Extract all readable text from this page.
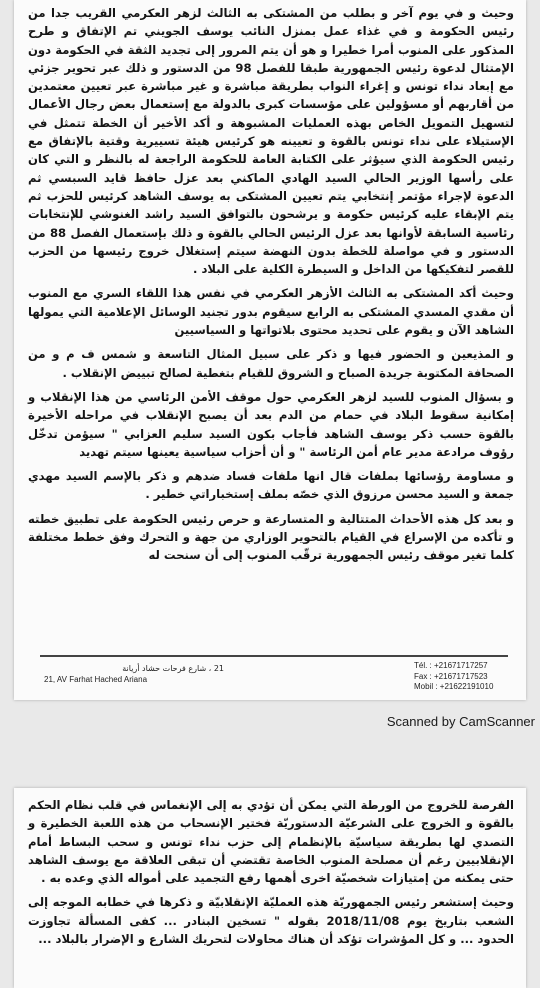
وحيث و في يوم آخر و بطلب من المشتكى به الثالث لزهر العكرمي القريب جدا من رئيس الحكومة و في غذاء عمل بمنزل النائب يوسف الجويني تم الإتفاق و طرح المذكور على المنوب أمرا خطيرا و هو أن يتم المرور إلى تجديد الثقة في الحكومة دون الإمتثال لدعوة رئيس الجمهورية طبقا للفصل 98 من الدستور و ذلك عبر تحوير جزئي مع إبعاد نداء تونس و إغراء النواب بطريقة مباشرة و غير مباشرة عبر تعيين معتمدين من أقاربهم أو مسؤولين على مؤسسات كبرى بالدولة مع إستعمال بعض رجال الأعمال لتسهيل التمويل الخاص بهذه العمليات المشبوهة و أكد الأخير أن الخطة تتمثل في الإستيلاء على نداء تونس بالقوة و تعيينه هو كرئيس هيئة تسييرية وقتية بالإتفاق مع رئيس الحكومة الذي سيؤثر على الكتابة العامة للحكومة الراجعة له بالنظر و التي كان على رأسها الوزير الحالي السيد الهادي الماكني بعد عزل حافظ قايد السبسي ثم الدعوة لإجراء مؤتمر إنتخابي يتم تعيين المشتكى به يوسف الشاهد كرئيس للحزب ثم يتم الإبقاء عليه كرئيس حكومة و يرشحون بالتوافق السيد راشد الغنوشي للإنتخابات رئاسية السابقة لأوانها بعد عزل الرئيس الحالي بالقوة و ذلك بإستعمال الفصل 88 من الدستور و في مواصلة للخطة بدون النهضة سيتم إستغلال خروج رئيسها من الحزب للقصر لتفكيكها من الداخل و السيطرة الكلية على البلاد .

وحيث أكد المشتكى به الثالث الأزهر العكرمي في نفس هذا اللقاء السري مع المنوب أن مقدي المسدي المشتكى به الرابع سيقوم بدور تجنيد الوسائل الإعلامية التي يمولها الشاهد الآن و يقوم على تحديد محتوى بلاتواتها و السياسيين

و المذيعين و الحضور فيها و ذكر على سبيل المثال التاسعة و شمس ف م و من الصحافة المكتوبة جريدة الصباح و الشروق للقيام بتغطية لصالح تبييض الإنقلاب .

و بسؤال المنوب للسيد لزهر العكرمي حول موقف الأمن الرئاسي من هذا الإنقلاب و إمكانية سقوط البلاد في حمام من الدم بعد أن يصبح الإنقلاب في مراحله الأخيرة بالقوة حسب ذكر يوسف الشاهد فأجاب بكون السيد سليم العزابي " سيؤمن تدخّل رؤوف مرادعة مدير عام أمن الرئاسة " و أن أحزاب سياسية يعينها سيتم تهديد

و مساومة رؤسائها بملفات قال انها ملفات فساد ضدهم و ذكر بالإسم السيد مهدي جمعة و السيد محسن مرزوق الذي خصّه بملف إستخباراتي خطير .

و بعد كل هذه الأحداث المتتالية و المتسارعة و حرص رئيس الحكومة على تطبيق خطته و تأكده من الإسراع في القيام بالتحوير الوزاري من جهة و التحرك وفق خطط مختلفة كلما تغير موقف رئيس الجمهورية ترقّب المنوب إلى أن سنحت له

Tél. : +21671717257
Fax : +21671717523
Mobil : +21622191010
21 ، شارع فرحات حشاد أريانة
21, AV Farhat Hached Ariana
Scanned by CamScanner

الفرصة للخروج من الورطة التي يمكن أن تؤدي به إلى الإنغماس في قلب نظام الحكم بالقوة و الخروج على الشرعيّة الدستوريّة فختير الإنسحاب من هذه اللعبة الخطيرة و التصدي لها بطريقة سياسيّة بالإنظمام إلى حزب نداء تونس و سحب البساط أمام الإنقلابيين رغم أن مصلحة المنوب الخاصة تقتضي أن تبقى العلاقة مع يوسف الشاهد حتى يمكنه من إمتيازات شخصيّة اخرى أهمها رفع التجميد على أمواله الذي وعده به .

وحيث إستشعر رئيس الجمهوريّة هذه العمليّة الإنقلابيّة و ذكرها في خطابه الموجه إلى الشعب بتاريخ يوم 2018/11/08 بقوله " تسخين البنادر ... كفى المسألة تجاوزت الحدود ... و كل المؤشرات تؤكد أن هناك محاولات لتحريك الشارع و الإضرار بالبلاد ...
